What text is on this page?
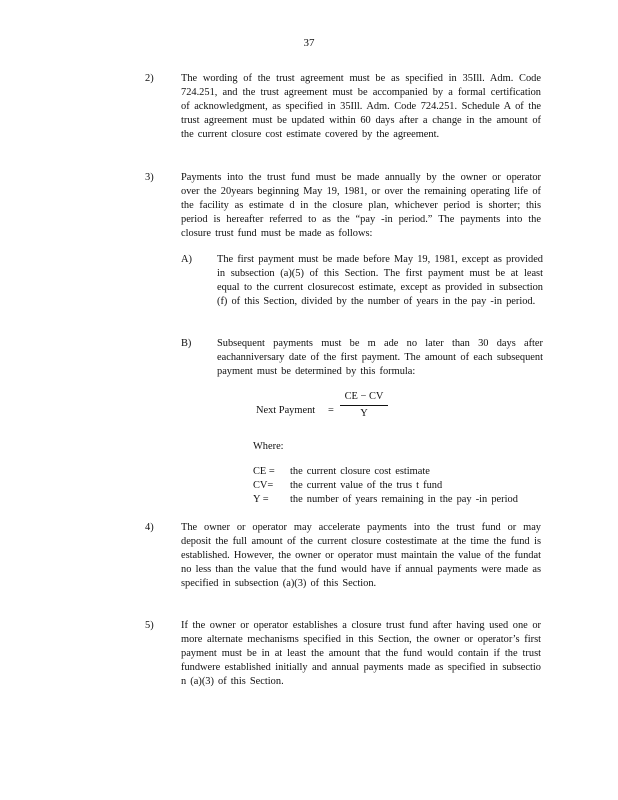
37
2)	The wording of the trust agreement must be as specified in 35Ill. Adm. Code 724.251, and the trust agreement must be accompanied by a formal certification of acknowledgment, as specified in 35Ill. Adm. Code 724.251. Schedule A of the trust agreement must be updated within 60 days after a change in the amount of the current closure cost estimate covered by the agreement.
3)	Payments into the trust fund must be made annually by the owner or operator over the 20years beginning May 19, 1981, or over the remaining operating life of the facility as estimate d in the closure plan, whichever period is shorter; this period is hereafter referred to as the “pay -in period.” The payments into the closure trust fund must be made as follows:
A) The first payment must be made before May 19, 1981, except as provided in subsection (a)(5) of this Section. The first payment must be at least equal to the current closurecost estimate, except as provided in subsection (f) of this Section, divided by the number of years in the pay -in period.
B) Subsequent payments must be m ade no later than 30 days after eachanniversary date of the first payment. The amount of each subsequent payment must be determined by this formula:
Next Payment = $\frac{CE - CV}{Y}$
Where:
CE =	the current closure cost estimate
CV=	the current value of the trus t fund
Y =	the number of years remaining in the pay -in period
4)	The owner or operator may accelerate payments into the trust fund or may deposit the full amount of the current closure costestimate at the time the fund is established. However, the owner or operator must maintain the value of the fundat no less than the value that the fund would have if annual payments were made as specified in subsection (a)(3) of this Section.
5)	If the owner or operator establishes a closure trust fund after having used one or more alternate mechanisms specified in this Section, the owner or operator’s first payment must be in at least the amount that the fund would contain if the trust fundwere established initially and annual payments made as specified in subsectio n (a)(3) of this Section.
